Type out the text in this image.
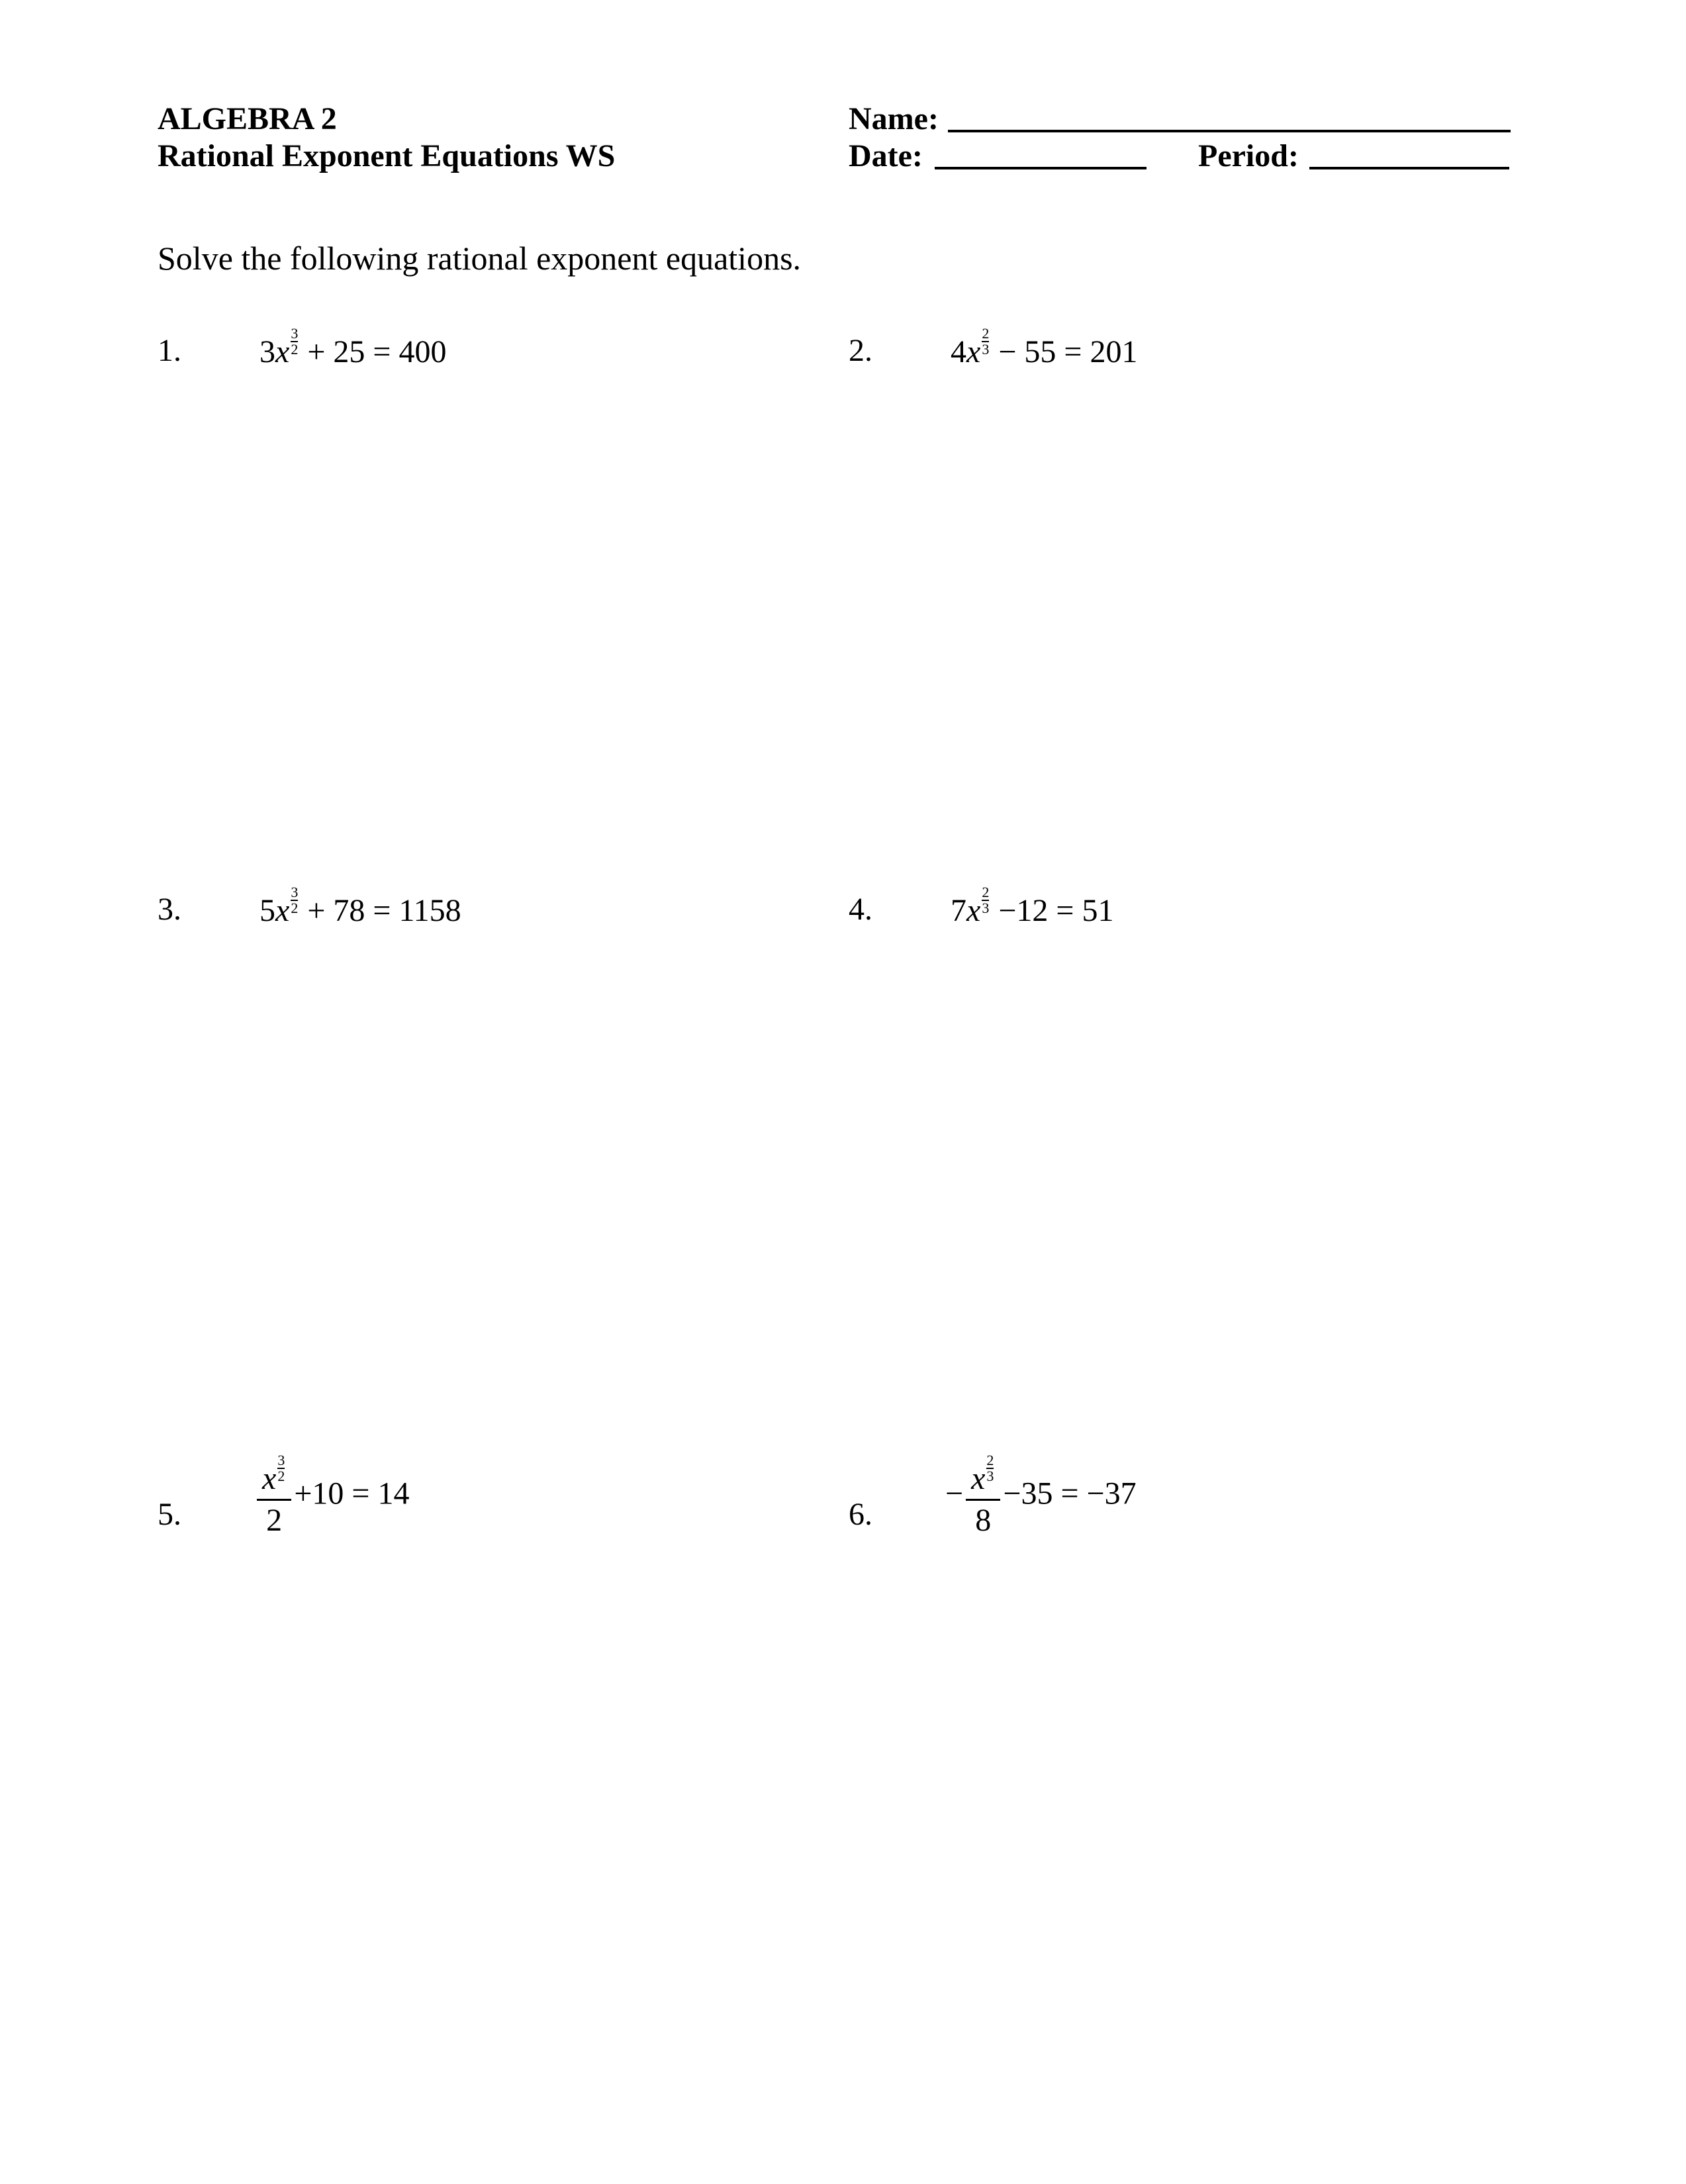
ALGEBRA 2
Rational Exponent Equations WS
Name:
Date:	Period:
Solve the following rational exponent equations.
1. $3x \frac{3}{2} + 25 = 400$	2. $4x \frac{2}{3} - 55 = 201$
3. $5x \frac{3}{2} + 78 = 1158$	4. $7x \frac{2}{3} -12 = 51$
5. $\frac{x \frac{3}{2}}{2} +10 = 14$
6.
− $\frac{x \frac{2}{3}}{8} -35 = -37$
